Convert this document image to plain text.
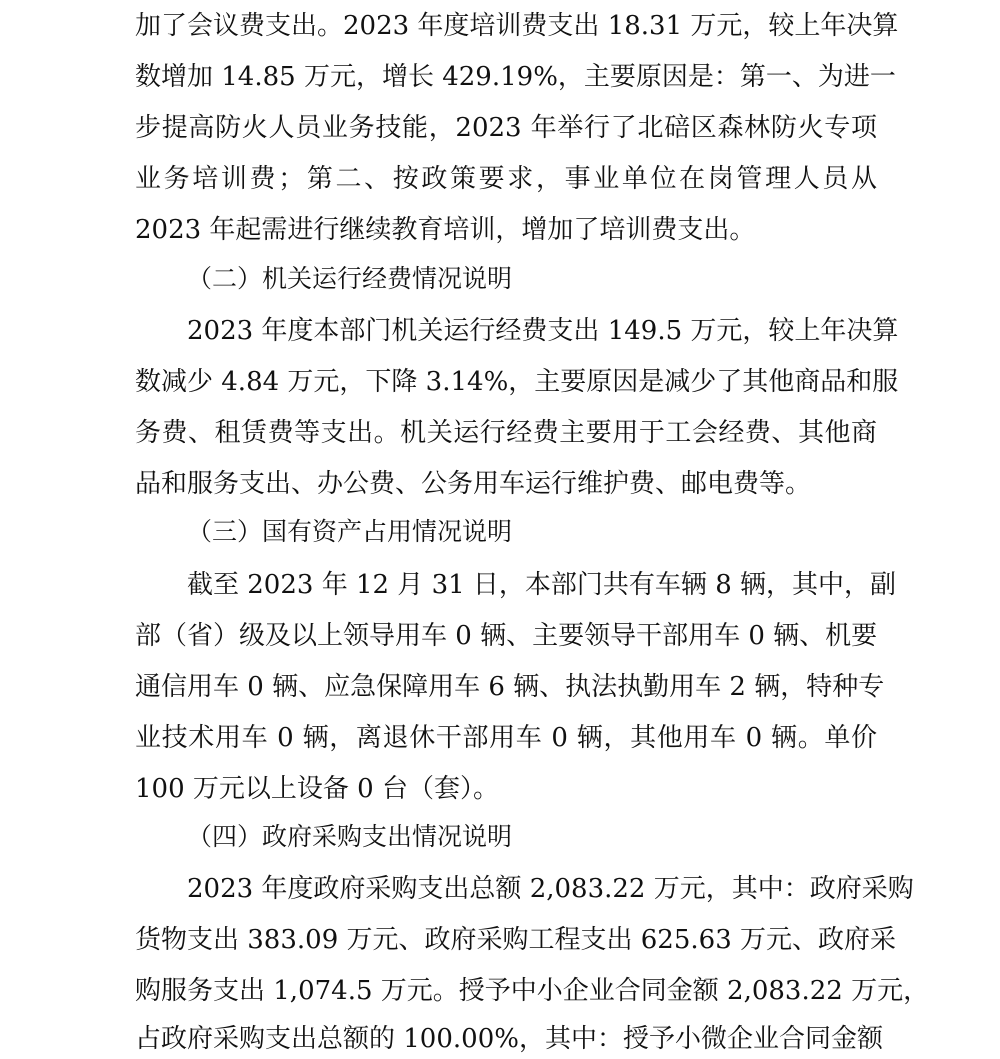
加了会议费支出。2023 年度培训费支出 18.31 万元，较上年决算
数增加 14.85 万元，增长 429.19%，主要原因是：第一、为进一
步提高防火人员业务技能，2023 年举行了北碚区森林防火专项
业务培训费；第二、按政策要求，事业单位在岗管理人员从
2023 年起需进行继续教育培训，增加了培训费支出。
（二）机关运行经费情况说明
2023 年度本部门机关运行经费支出 149.5 万元，较上年决算
数减少 4.84 万元，下降 3.14%，主要原因是减少了其他商品和服
务费、租赁费等支出。机关运行经费主要用于工会经费、其他商
品和服务支出、办公费、公务用车运行维护费、邮电费等。
（三）国有资产占用情况说明
截至 2023 年 12 月 31 日，本部门共有车辆 8 辆，其中，副
部（省）级及以上领导用车 0 辆、主要领导干部用车 0 辆、机要
通信用车 0 辆、应急保障用车 6 辆、执法执勤用车 2 辆，特种专
业技术用车 0 辆，离退休干部用车 0 辆，其他用车 0 辆。单价
100 万元以上设备 0 台（套）。
（四）政府采购支出情况说明
2023 年度政府采购支出总额 2,083.22 万元，其中：政府采购
货物支出 383.09 万元、政府采购工程支出 625.63 万元、政府采
购服务支出 1,074.5 万元。授予中小企业合同金额 2,083.22 万元，
占政府采购支出总额的 100.00%，其中：授予小微企业合同金额
